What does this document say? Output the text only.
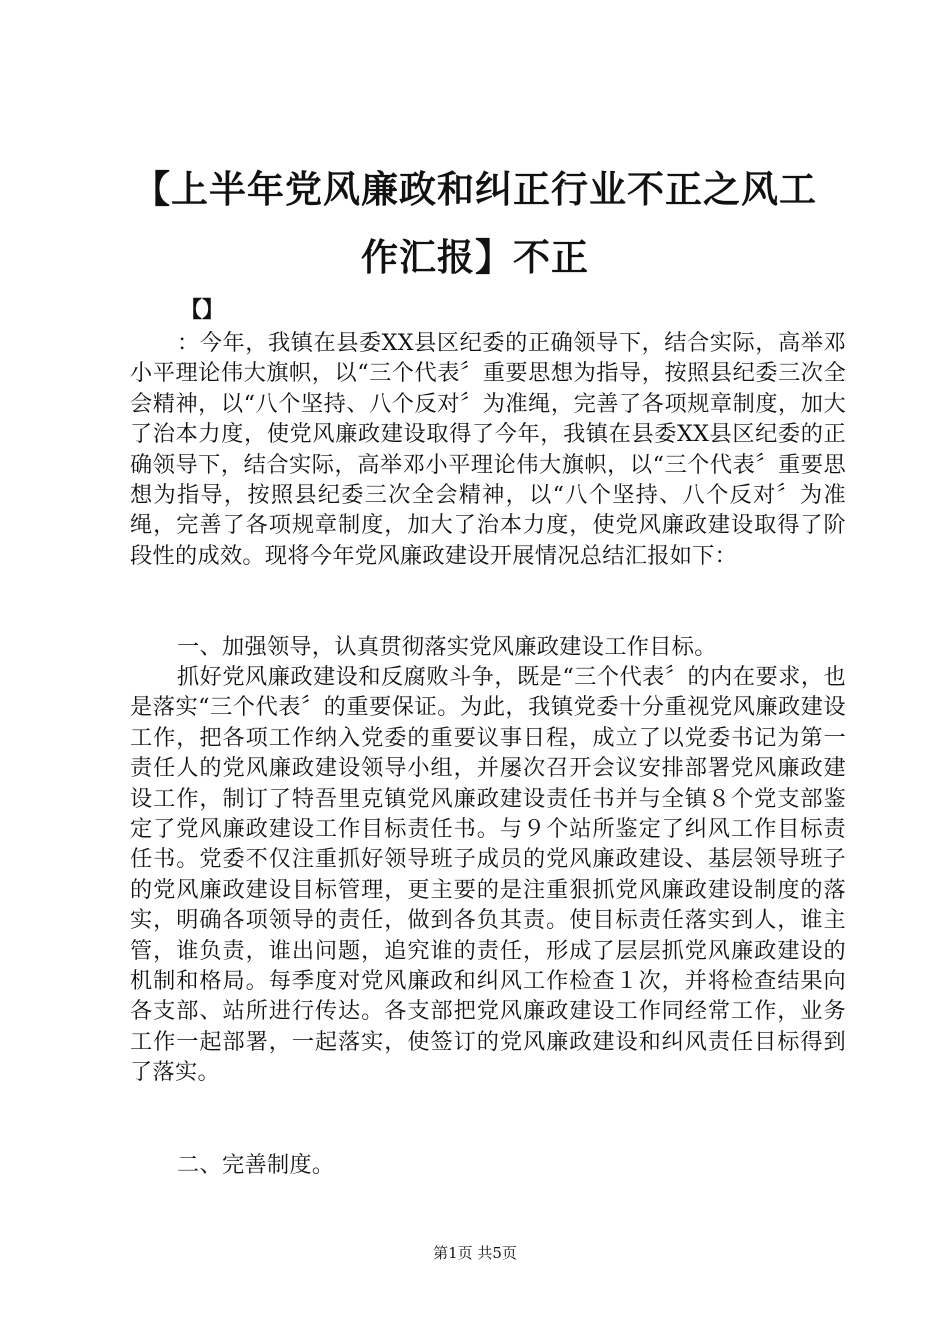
【上半年党风廉政和纠正行业不正之风工作汇报】不正

【】

：今年，我镇在县委XX县区纪委的正确领导下，结合实际，高举邓小平理论伟大旗帜，以“三个代表〞重要思想为指导，按照县纪委三次全会精神，以“八个坚持、八个反对〞为准绳，完善了各项规章制度，加大了治本力度，使党风廉政建设取得了今年，我镇在县委XX县区纪委的正确领导下，结合实际，高举邓小平理论伟大旗帜，以“三个代表〞重要思想为指导，按照县纪委三次全会精神，以“八个坚持、八个反对〞为准绳，完善了各项规章制度，加大了治本力度，使党风廉政建设取得了阶段性的成效。现将今年党风廉政建设开展情况总结汇报如下：

一、加强领导，认真贯彻落实党风廉政建设工作目标。

抓好党风廉政建设和反腐败斗争，既是“三个代表〞的内在要求，也是落实“三个代表〞的重要保证。为此，我镇党委十分重视党风廉政建设工作，把各项工作纳入党委的重要议事日程，成立了以党委书记为第一责任人的党风廉政建设领导小组，并屡次召开会议安排部署党风廉政建设工作，制订了特吾里克镇党风廉政建设责任书并与全镇８个党支部鉴定了党风廉政建设工作目标责任书。与９个站所鉴定了纠风工作目标责任书。党委不仅注重抓好领导班子成员的党风廉政建设、基层领导班子的党风廉政建设目标管理，更主要的是注重狠抓党风廉政建设制度的落实，明确各项领导的责任，做到各负其责。使目标责任落实到人，谁主管，谁负责，谁出问题，追究谁的责任，形成了层层抓党风廉政建设的机制和格局。每季度对党风廉政和纠风工作检查１次，并将检查结果向各支部、站所进行传达。各支部把党风廉政建设工作同经常工作，业务工作一起部署，一起落实，使签订的党风廉政建设和纠风责任目标得到了落实。

二、完善制度。

第1页 共5页
